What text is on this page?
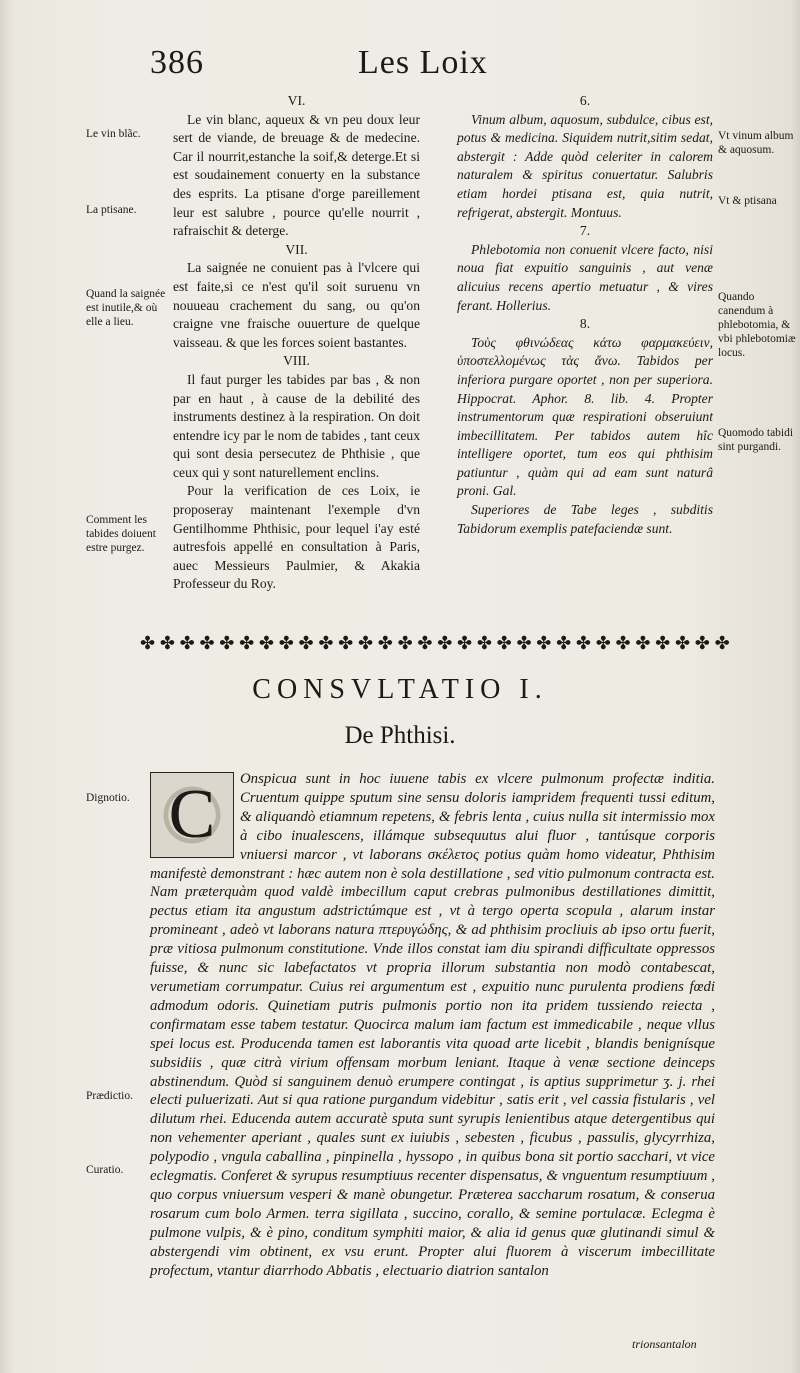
386	Les Loix

VI.

Le vin blanc, aqueux & vn peu doux leur sert de viande, de breuage & de medecine. Car il nourrit,estanche la soif,& deterge.Et si est soudainement conuerty en la substance des esprits. La ptisane d'orge pareillement leur est salubre , pource qu'elle nourrit , rafraischit & deterge.

VII.

La saignée ne conuient pas à l'vlcere qui est faite,si ce n'est qu'il soit suruenu vn nouueau crachement du sang, ou qu'on craigne vne fraische ouuerture de quelque vaisseau. & que les forces soient bastantes.

VIII.

Il faut purger les tabides par bas , & non par en haut , à cause de la debilité des instruments destinez à la respiration. On doit entendre icy par le nom de tabides , tant ceux qui sont desia persecutez de Phthisie , que ceux qui y sont naturellement enclins.

Pour la verification de ces Loix, ie proposeray maintenant l'exemple d'vn Gentilhomme Phthisic, pour lequel i'ay esté autresfois appellé en consultation à Paris, auec Messieurs Paulmier, & Akakia Professeur du Roy.

6.

Vinum album, aquosum, subdulce, cibus est, potus & medicina. Siquidem nutrit,sitim sedat, abstergit : Adde quòd celeriter in calorem naturalem & spiritus conuertatur. Salubris etiam hordei ptisana est, quia nutrit, refrigerat, abstergit. Montuus.

7.

Phlebotomia non conuenit vlcere facto, nisi noua fiat expuitio sanguinis , aut venæ alicuius recens apertio metuatur , & vires ferant. Hollerius.

8.

Τοὺς φθινώδεας κάτω φαρμακεύειν, ὑποστελλομένως τὰς ἄνω. Tabidos per inferiora purgare oportet , non per superiora. Hippocrat. Aphor. 8. lib. 4. Propter instrumentorum quæ respirationi obseruiunt imbecillitatem. Per tabidos autem hîc intelligere oportet, tum eos qui phthisim patiuntur , quàm qui ad eam sunt naturâ proni. Gal.

Superiores de Tabe leges , subditis Tabidorum exemplis patefaciendæ sunt.

Le vin blãc.
La ptisane.
Quand la saignée est inutile,& où elle a lieu.
Comment les tabides doiuent estre purgez.
Dignotio.
Prædictio.
Curatio.
Vt vinum album & aquosum.
Vt & ptisana
Quando canendum à phlebotomia, & vbi phlebotomiæ locus.
Quomodo tabidi sint purgandi.
✤ ✤ ✤ ✤ ✤ ✤ ✤ ✤ ✤ ✤ ✤ ✤ ✤ ✤ ✤ ✤ ✤ ✤ ✤ ✤ ✤ ✤ ✤ ✤ ✤ ✤ ✤ ✤ ✤ ✤
CONSVLTATIO I.
De Phthisi.
C	Onspicua sunt in hoc iuuene tabis ex vlcere pulmonum profectæ inditia. Cruentum quippe sputum sine sensu doloris iampridem frequenti tussi editum, & aliquandò etiamnum repetens, & febris lenta , cuius nulla sit intermissio mox à cibo inualescens, illámque subsequutus alui fluor , tantúsque corporis vniuersi marcor , vt laborans σκέλετος potius quàm homo videatur, Phthisim manifestè demonstrant : hæc autem non è sola destillatione , sed vitio pulmonum contracta est. Nam præterquàm quod valdè imbecillum caput crebras pulmonibus destillationes dimittit, pectus etiam ita angustum adstrictúmque est , vt à tergo operta scopula , alarum instar promineant , adeò vt laborans natura πτερυγώδης, & ad phthisim procliuis ab ipso ortu fuerit, præ vitiosa pulmonum constitutione. Vnde illos constat iam diu spirandi difficultate oppressos fuisse, & nunc sic labefactatos vt propria illorum substantia non modò contabescat, verumetiam corrumpatur. Cuius rei argumentum est , expuitio nunc purulenta prodiens fœdi admodum odoris. Quinetiam putris pulmonis portio non ita pridem tussiendo reiecta , confirmatam esse tabem testatur. Quocirca malum iam factum est immedicabile , neque vllus spei locus est. Producenda tamen est laborantis vita quoad arte licebit , blandis benignísque subsidiis , quæ citrà virium offensam morbum leniant. Itaque à venæ sectione deinceps abstinendum. Quòd si sanguinem denuò erumpere contingat , is aptius supprimetur ʒ. j. rhei electi puluerizati. Aut si qua ratione purgandum videbitur , satis erit , vel cassia fistularis , vel dilutum rhei. Educenda autem accuratè sputa sunt syrupis lenientibus atque detergentibus qui non vehementer aperiant , quales sunt ex iuiubis , sebesten , ficubus , passulis, glycyrrhiza, polypodio , vngula caballina , pinpinella , hyssopo , in quibus bona sit portio sacchari, vt vice eclegmatis. Conferet & syrupus resumptiuus recenter dispensatus, & vnguentum resumptiuum , quo corpus vniuersum vesperi & manè obungetur. Præterea saccharum rosatum, & conserua rosarum cum bolo Armen. terra sigillata , succino, corallo, & semine portulacæ. Eclegma è pulmone vulpis, & è pino, conditum symphiti maior, & alia id genus quæ glutinandi simul & abstergendi vim obtinent, ex vsu erunt. Propter alui fluorem à viscerum imbecillitate profectum, vtantur diarrhodo Abbatis , electuario diatrion santalon
trionsantalon
